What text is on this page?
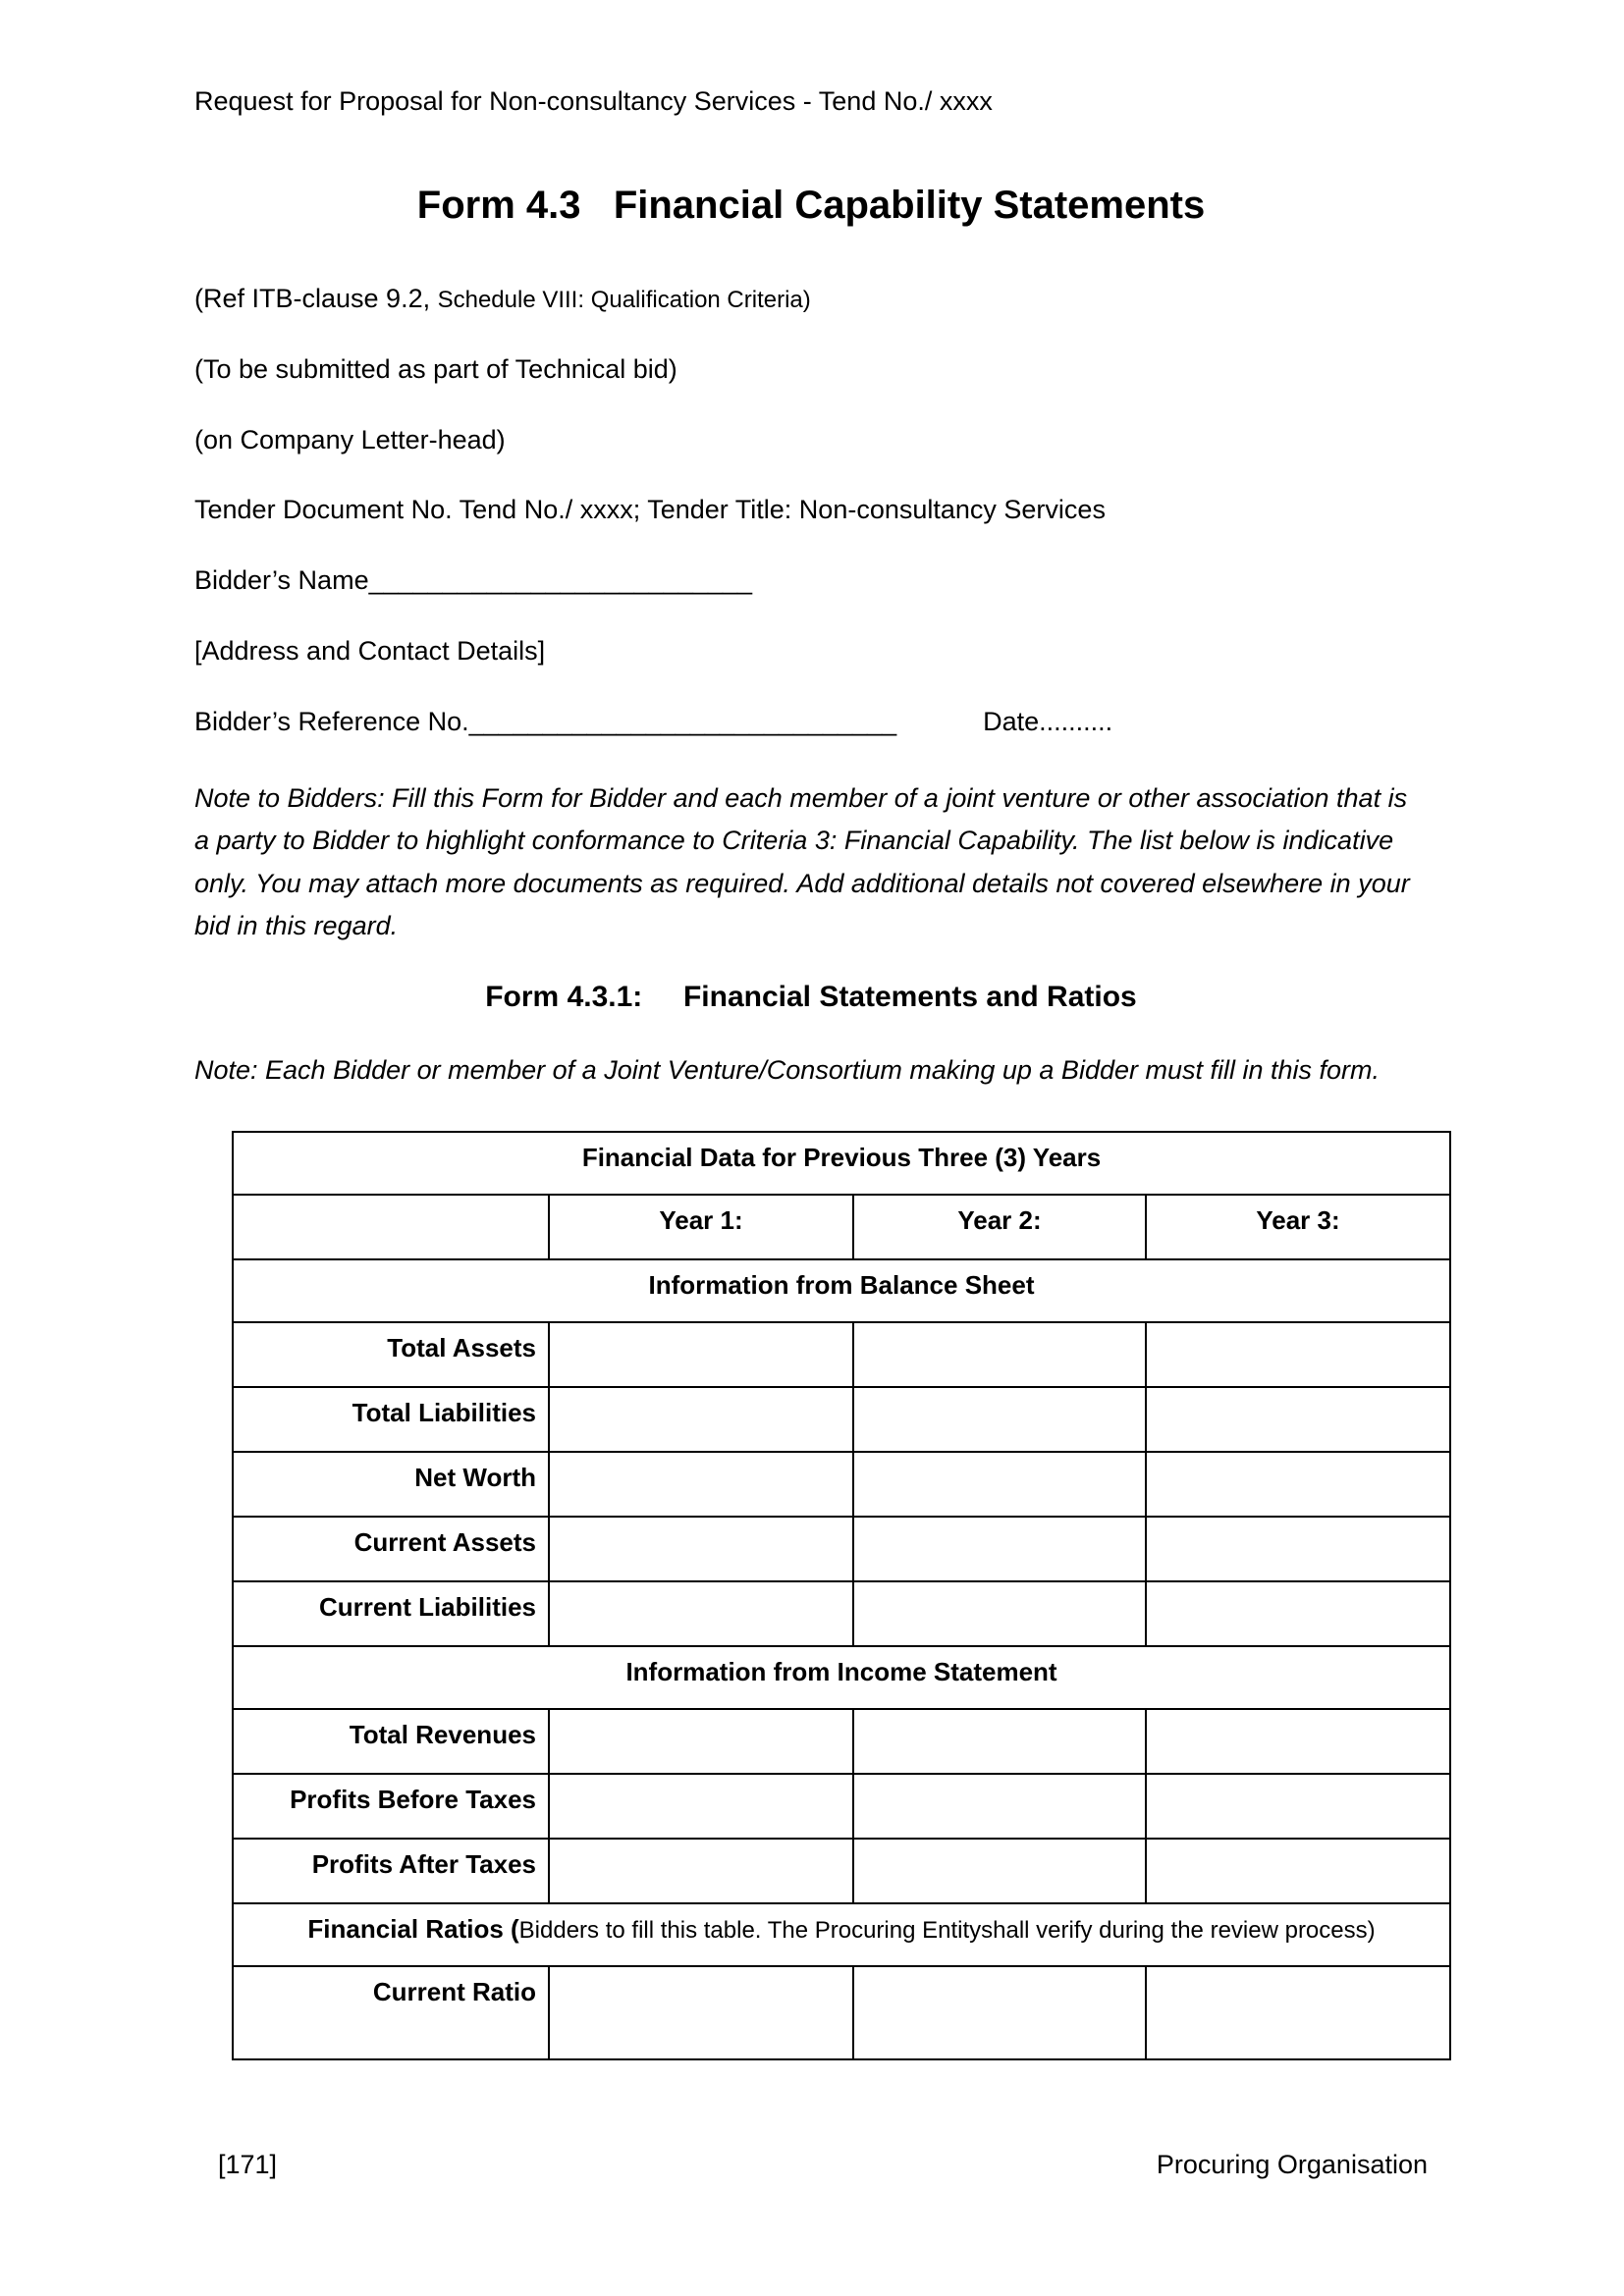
Request for Proposal for Non-consultancy Services - Tend No./ xxxx

Form 4.3   Financial Capability Statements

(Ref ITB-clause 9.2, Schedule VIII: Qualification Criteria)

(To be submitted as part of Technical bid)

(on Company Letter-head)

Tender Document No. Tend No./ xxxx; Tender Title: Non-consultancy Services

Bidder’s Name__________________________

[Address and Contact Details]

Bidder’s Reference No._____________________________	Date..........

Note to Bidders: Fill this Form for Bidder and each member of a joint venture or other association that is a party to Bidder to highlight conformance to Criteria 3: Financial Capability. The list below is indicative only. You may attach more documents as required. Add additional details not covered elsewhere in your bid in this regard.

Form 4.3.1:     Financial Statements and Ratios

Note: Each Bidder or member of a Joint Venture/Consortium making up a Bidder must fill in this form.

Financial Data for Previous Three (3) Years			
	Year 1:	Year 2:	Year 3:
Information from Balance Sheet			
Total Assets			
Total Liabilities			
Net Worth			
Current Assets			
Current Liabilities			
Information from Income Statement			
Total Revenues			
Profits Before Taxes			
Profits After Taxes			
Financial Ratios (Bidders to fill this table. The Procuring Entityshall verify during the review process)			
Current Ratio			
[171]	Procuring Organisation
